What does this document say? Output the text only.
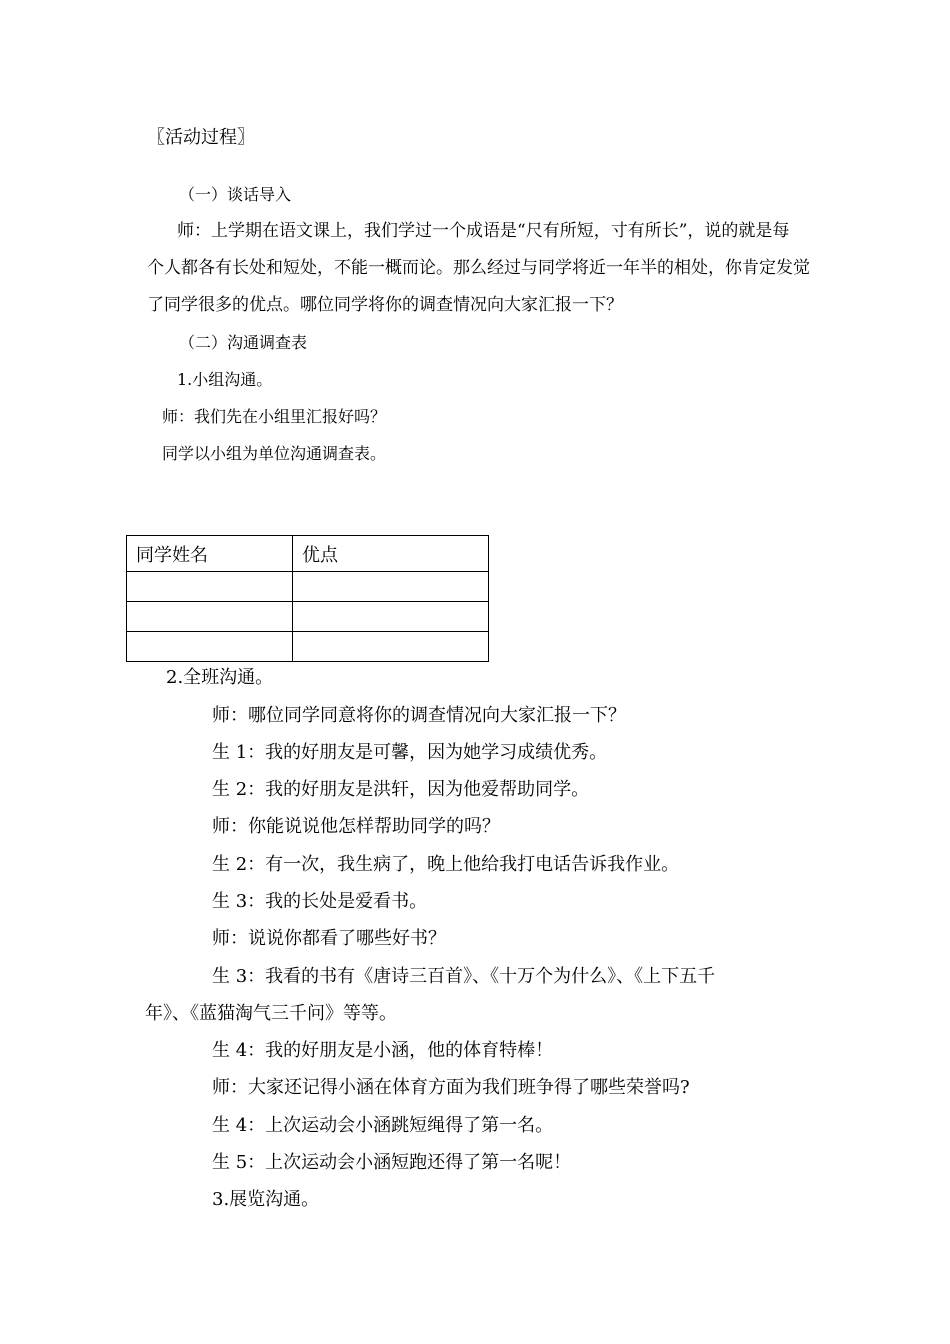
〖活动过程〗
（一）谈话导入
师：上学期在语文课上，我们学过一个成语是“尺有所短，寸有所长”，说的就是每
个人都各有长处和短处，不能一概而论。那么经过与同学将近一年半的相处，你肯定发觉
了同学很多的优点。哪位同学将你的调查情况向大家汇报一下？
（二）沟通调查表
1.小组沟通。
师：我们先在小组里汇报好吗？
同学以小组为单位沟通调查表。
同学姓名	优点

2.全班沟通。
师：哪位同学同意将你的调查情况向大家汇报一下？
生 1：我的好朋友是可馨，因为她学习成绩优秀。
生 2：我的好朋友是洪轩，因为他爱帮助同学。
师：你能说说他怎样帮助同学的吗？
生 2：有一次，我生病了，晚上他给我打电话告诉我作业。
生 3：我的长处是爱看书。
师：说说你都看了哪些好书？
生 3：我看的书有《唐诗三百首》、《十万个为什么》、《上下五千
年》、《蓝猫淘气三千问》等等。
生 4：我的好朋友是小涵，他的体育特棒！
师：大家还记得小涵在体育方面为我们班争得了哪些荣誉吗?
生 4：上次运动会小涵跳短绳得了第一名。
生 5：上次运动会小涵短跑还得了第一名呢！
3.展览沟通。
